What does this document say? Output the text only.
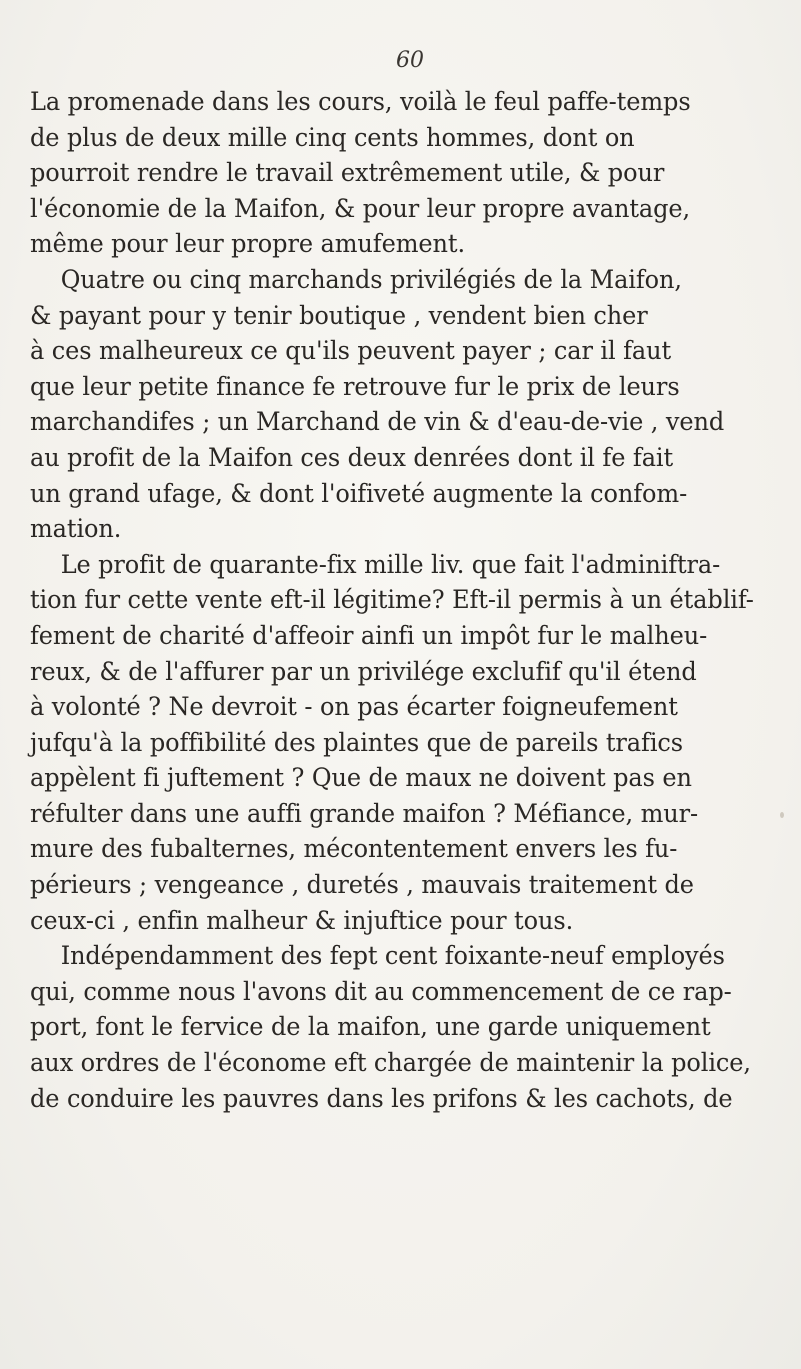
60
La promenade dans les cours, voilà le feul paffe-temps
de plus de deux mille cinq cents hommes, dont on
pourroit rendre le travail extrêmement utile, & pour
l'économie de la Maifon, & pour leur propre avantage,
même pour leur propre amufement.
Quatre ou cinq marchands privilégiés de la Maifon,
& payant pour y tenir boutique , vendent bien cher
à ces malheureux ce qu'ils peuvent payer ; car il faut
que leur petite finance fe retrouve fur le prix de leurs
marchandifes ; un Marchand de vin & d'eau-de-vie , vend
au profit de la Maifon ces deux denrées dont il fe fait
un grand ufage, & dont l'oifiveté augmente la confom-
mation.
Le profit de quarante-fix mille liv. que fait l'adminiftra-
tion fur cette vente eft-il légitime? Eft-il permis à un établif-
fement de charité d'affeoir ainfi un impôt fur le malheu-
reux, & de l'affurer par un privilége exclufif qu'il étend
à volonté ? Ne devroit - on pas écarter foigneufement
jufqu'à la poffibilité des plaintes que de pareils trafics
appèlent fi juftement ? Que de maux ne doivent pas en
réfulter dans une auffi grande maifon ? Méfiance, mur-
mure des fubalternes, mécontentement envers les fu-
périeurs ; vengeance , duretés , mauvais traitement de
ceux-ci , enfin malheur & injuftice pour tous.
Indépendamment des fept cent foixante-neuf employés
qui, comme nous l'avons dit au commencement de ce rap-
port, font le fervice de la maifon, une garde uniquement
aux ordres de l'économe eft chargée de maintenir la police,
de conduire les pauvres dans les prifons & les cachots, de
